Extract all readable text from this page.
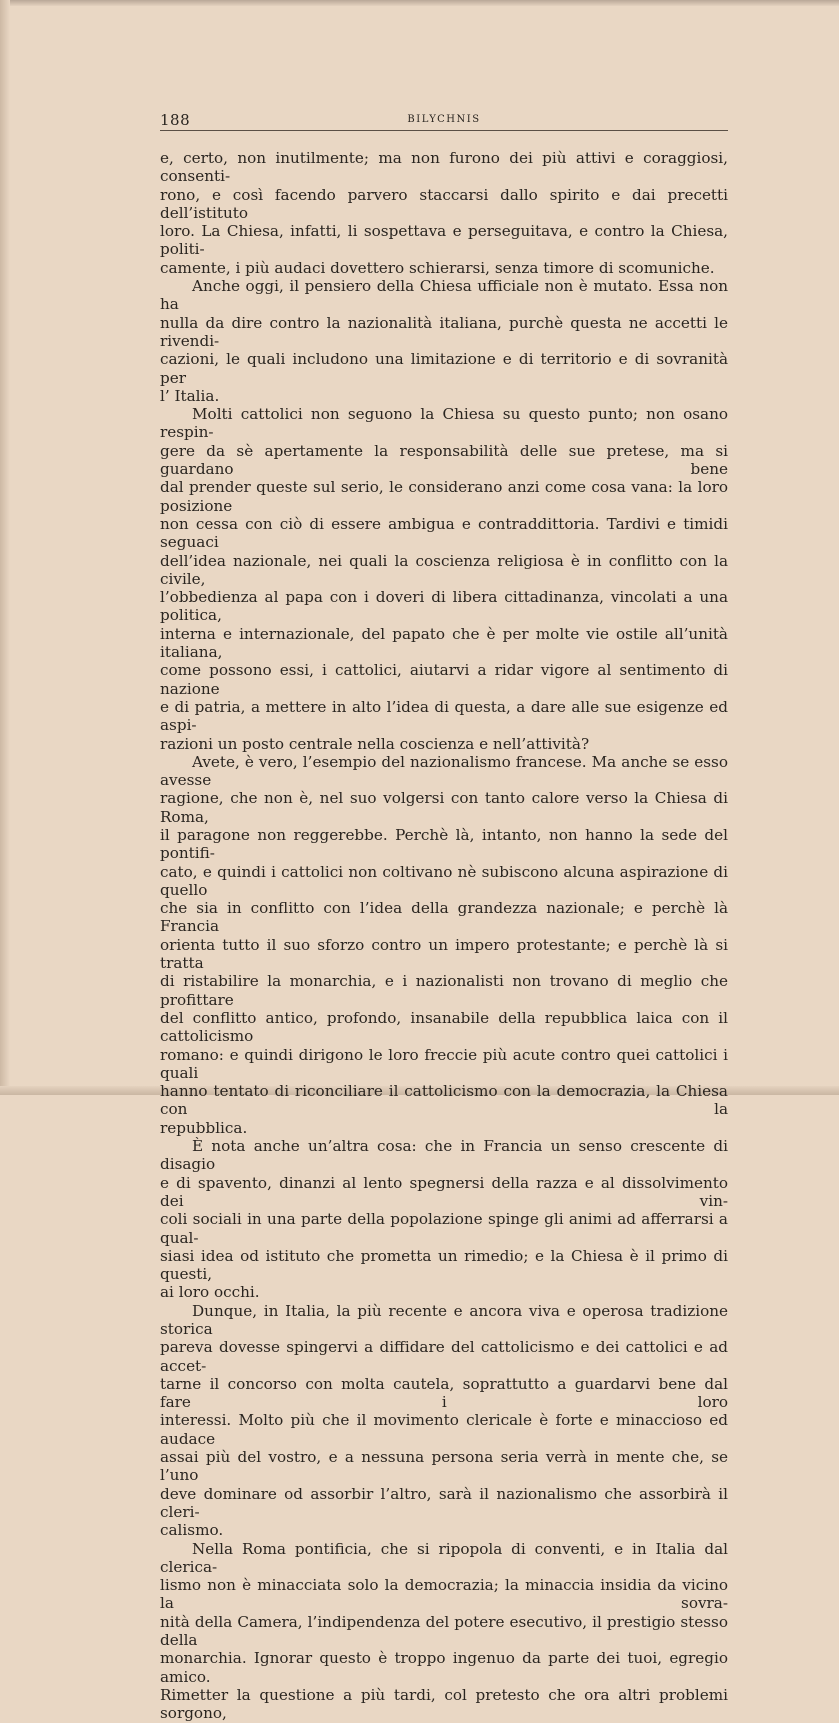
188	BILYCHNIS
e, certo, non inutilmente; ma non furono dei più attivi e coraggiosi, consenti-
rono, e così facendo parvero staccarsi dallo spirito e dai precetti dell’istituto
loro. La Chiesa, infatti, li sospettava e perseguitava, e contro la Chiesa, politi-
camente, i più audaci dovettero schierarsi, senza timore di scomuniche.
Anche oggi, il pensiero della Chiesa ufficiale non è mutato. Essa non ha
nulla da dire contro la nazionalità italiana, purchè questa ne accetti le rivendi-
cazioni, le quali includono una limitazione e di territorio e di sovranità per
l’ Italia.
Molti cattolici non seguono la Chiesa su questo punto; non osano respin-
gere da sè apertamente la responsabilità delle sue pretese, ma si guardano bene
dal prender queste sul serio, le considerano anzi come cosa vana: la loro posizione
non cessa con ciò di essere ambigua e contraddittoria. Tardivi e timidi seguaci
dell’idea nazionale, nei quali la coscienza religiosa è in conflitto con la civile,
l’obbedienza al papa con i doveri di libera cittadinanza, vincolati a una politica,
interna e internazionale, del papato che è per molte vie ostile all’unità italiana,
come possono essi, i cattolici, aiutarvi a ridar vigore al sentimento di nazione
e di patria, a mettere in alto l’idea di questa, a dare alle sue esigenze ed aspi-
razioni un posto centrale nella coscienza e nell’attività?
Avete, è vero, l’esempio del nazionalismo francese. Ma anche se esso avesse
ragione, che non è, nel suo volgersi con tanto calore verso la Chiesa di Roma,
il paragone non reggerebbe. Perchè là, intanto, non hanno la sede del pontifi-
cato, e quindi i cattolici non coltivano nè subiscono alcuna aspirazione di quello
che sia in conflitto con l’idea della grandezza nazionale; e perchè là Francia
orienta tutto il suo sforzo contro un impero protestante; e perchè là si tratta
di ristabilire la monarchia, e i nazionalisti non trovano di meglio che profittare
del conflitto antico, profondo, insanabile della repubblica laica con il cattolicismo
romano: e quindi dirigono le loro freccie più acute contro quei cattolici i quali
hanno tentato di riconciliare il cattolicismo con la democrazia, la Chiesa con la
repubblica.
È nota anche un’altra cosa: che in Francia un senso crescente di disagio
e di spavento, dinanzi al lento spegnersi della razza e al dissolvimento dei vin-
coli sociali in una parte della popolazione spinge gli animi ad afferrarsi a qual-
siasi idea od istituto che prometta un rimedio; e la Chiesa è il primo di questi,
ai loro occhi.
Dunque, in Italia, la più recente e ancora viva e operosa tradizione storica
pareva dovesse spingervi a diffidare del cattolicismo e dei cattolici e ad accet-
tarne il concorso con molta cautela, soprattutto a guardarvi bene dal fare i loro
interessi. Molto più che il movimento clericale è forte e minaccioso ed audace
assai più del vostro, e a nessuna persona seria verrà in mente che, se l’uno
deve dominare od assorbir l’altro, sarà il nazionalismo che assorbirà il cleri-
calismo.
Nella Roma pontificia, che si ripopola di conventi, e in Italia dal clerica-
lismo non è minacciata solo la democrazia; la minaccia insidia da vicino la sovra-
nità della Camera, l’indipendenza del potere esecutivo, il prestigio stesso della
monarchia. Ignorar questo è troppo ingenuo da parte dei tuoi, egregio amico.
Rimetter la questione a più tardi, col pretesto che ora altri problemi sorgono,
